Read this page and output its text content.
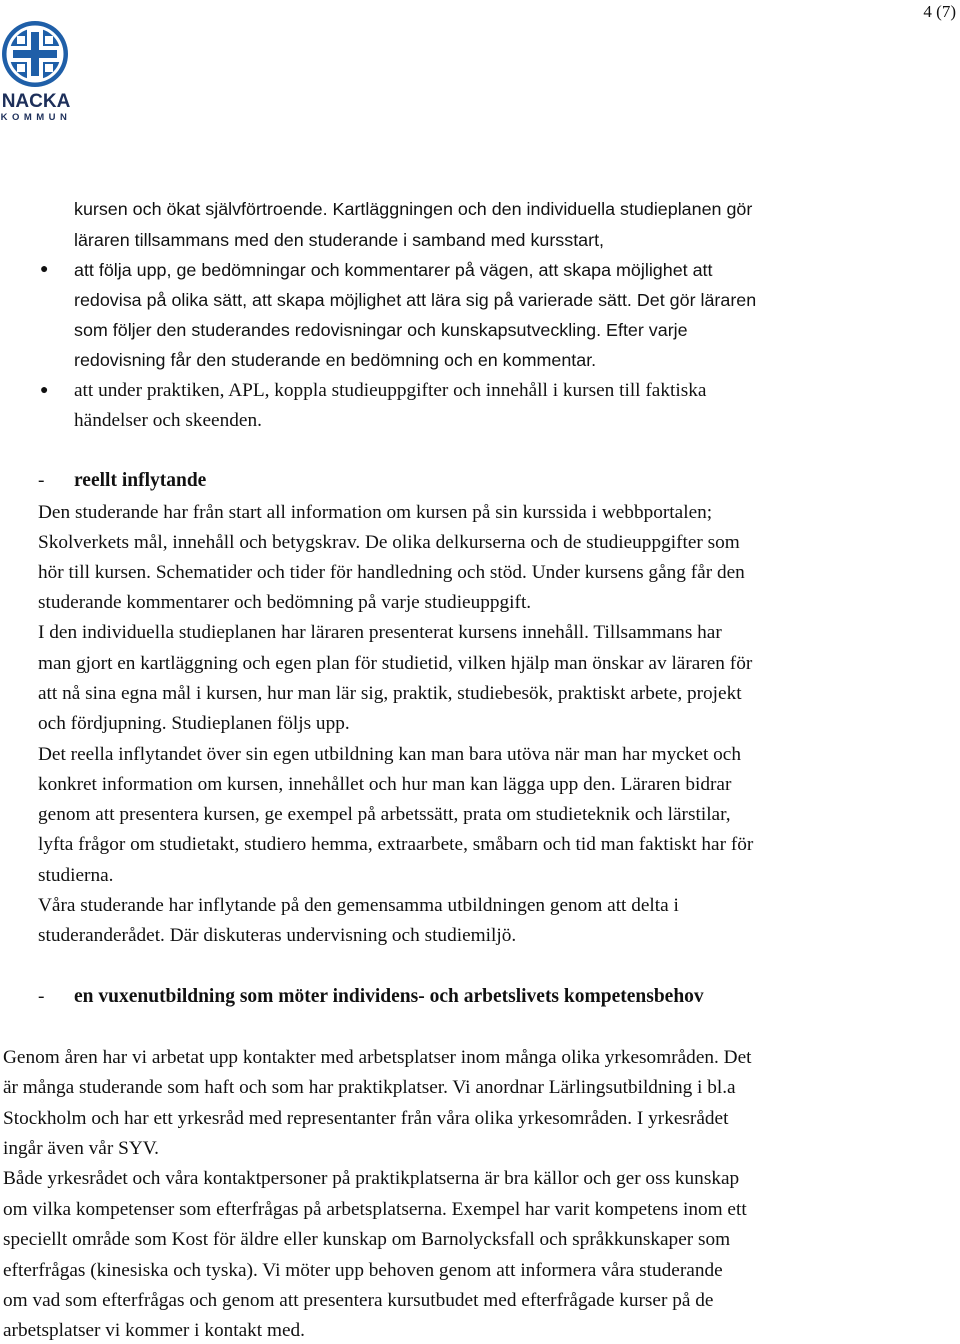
4 (7)
NACKA
KOMMUN
kursen och ökat självförtroende. Kartläggningen och den individuella studieplanen gör
läraren tillsammans med den studerande i samband med kursstart,
● att följa upp, ge bedömningar och kommentarer på vägen, att skapa möjlighet att
redovisa på olika sätt, att skapa möjlighet att lära sig på varierade sätt. Det gör läraren
som följer den studerandes redovisningar och kunskapsutveckling. Efter varje
redovisning får den studerande en bedömning och en kommentar.
● att under praktiken, APL, koppla studieuppgifter och innehåll i kursen till faktiska
händelser och skeenden.
- reellt inflytande
Den studerande har från start all information om kursen på sin kurssida i webbportalen;
Skolverkets mål, innehåll och betygskrav. De olika delkurserna och de studieuppgifter som
hör till kursen. Schematider och tider för handledning och stöd. Under kursens gång får den
studerande kommentarer och bedömning på varje studieuppgift.
I den individuella studieplanen har läraren presenterat kursens innehåll. Tillsammans har
man gjort en kartläggning och egen plan för studietid, vilken hjälp man önskar av läraren för
att nå sina egna mål i kursen, hur man lär sig, praktik, studiebesök, praktiskt arbete, projekt
och fördjupning. Studieplanen följs upp.
Det reella inflytandet över sin egen utbildning kan man bara utöva när man har mycket och
konkret information om kursen, innehållet och hur man kan lägga upp den. Läraren bidrar
genom att presentera kursen, ge exempel på arbetssätt, prata om studieteknik och lärstilar,
lyfta frågor om studietakt, studiero hemma, extraarbete, småbarn och tid man faktiskt har för
studierna.
Våra studerande har inflytande på den gemensamma utbildningen genom att delta i
studeranderådet. Där diskuteras undervisning och studiemiljö.
- en vuxenutbildning som möter individens- och arbetslivets kompetensbehov
Genom åren har vi arbetat upp kontakter med arbetsplatser inom många olika yrkesområden. Det
är många studerande som haft och som har praktikplatser. Vi anordnar Lärlingsutbildning i bl.a
Stockholm och har ett yrkesråd med representanter från våra olika yrkesområden. I yrkesrådet
ingår även vår SYV.
Både yrkesrådet och våra kontaktpersoner på praktikplatserna är bra källor och ger oss kunskap
om vilka kompetenser som efterfrågas på arbetsplatserna. Exempel har varit kompetens inom ett
speciellt område som Kost för äldre eller kunskap om Barnolycksfall och språkkunskaper som
efterfrågas (kinesiska och tyska). Vi möter upp behoven genom att informera våra studerande
om vad som efterfrågas och genom att presentera kursutbudet med efterfrågade kurser på de
arbetsplatser vi kommer i kontakt med.
